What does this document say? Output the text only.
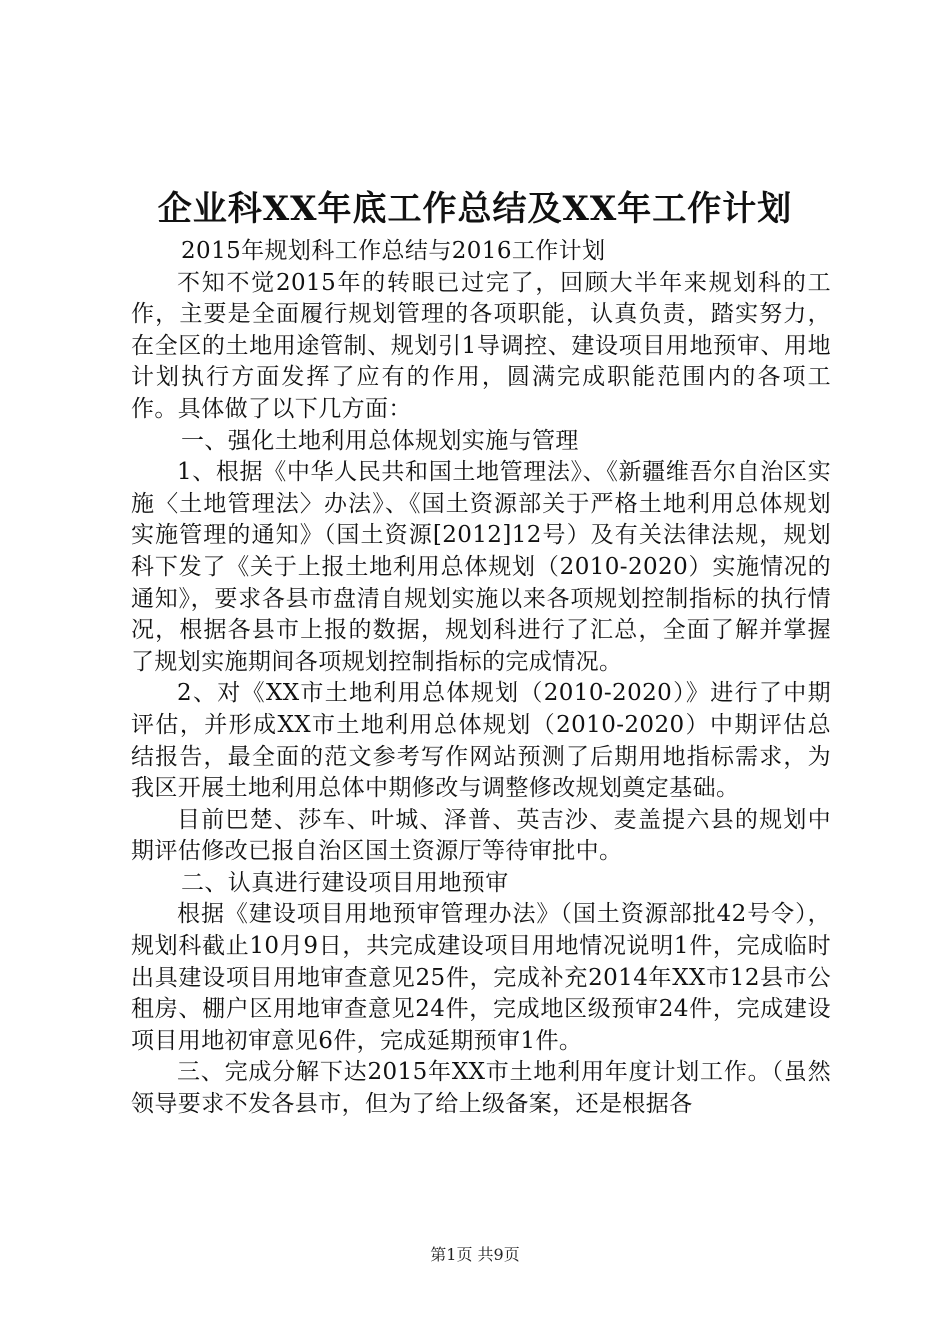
企业科XX年底工作总结及XX年工作计划

2015年规划科工作总结与2016工作计划

不知不觉2015年的转眼已过完了，回顾大半年来规划科的工作，主要是全面履行规划管理的各项职能，认真负责，踏实努力，在全区的土地用途管制、规划引1导调控、建设项目用地预审、用地计划执行方面发挥了应有的作用，圆满完成职能范围内的各项工作。具体做了以下几方面：

一、强化土地利用总体规划实施与管理

1、根据《中华人民共和国土地管理法》、《新疆维吾尔自治区实施〈土地管理法〉办法》、《国土资源部关于严格土地利用总体规划实施管理的通知》（国土资源[2012]12号）及有关法律法规，规划科下发了《关于上报土地利用总体规划（2010-2020）实施情况的通知》，要求各县市盘清自规划实施以来各项规划控制指标的执行情况，根据各县市上报的数据，规划科进行了汇总，全面了解并掌握了规划实施期间各项规划控制指标的完成情况。

2、对《XX市土地利用总体规划（2010-2020）》进行了中期评估，并形成XX市土地利用总体规划（2010-2020）中期评估总结报告，最全面的范文参考写作网站预测了后期用地指标需求，为我区开展土地利用总体中期修改与调整修改规划奠定基础。

目前巴楚、莎车、叶城、泽普、英吉沙、麦盖提六县的规划中期评估修改已报自治区国土资源厅等待审批中。

二、认真进行建设项目用地预审

根据《建设项目用地预审管理办法》（国土资源部批42号令），规划科截止10月9日，共完成建设项目用地情况说明1件，完成临时出具建设项目用地审查意见25件，完成补充2014年XX市12县市公租房、棚户区用地审查意见24件，完成地区级预审24件，完成建设项目用地初审意见6件，完成延期预审1件。

三、完成分解下达2015年XX市土地利用年度计划工作。（虽然领导要求不发各县市，但为了给上级备案，还是根据各

第1页 共9页
